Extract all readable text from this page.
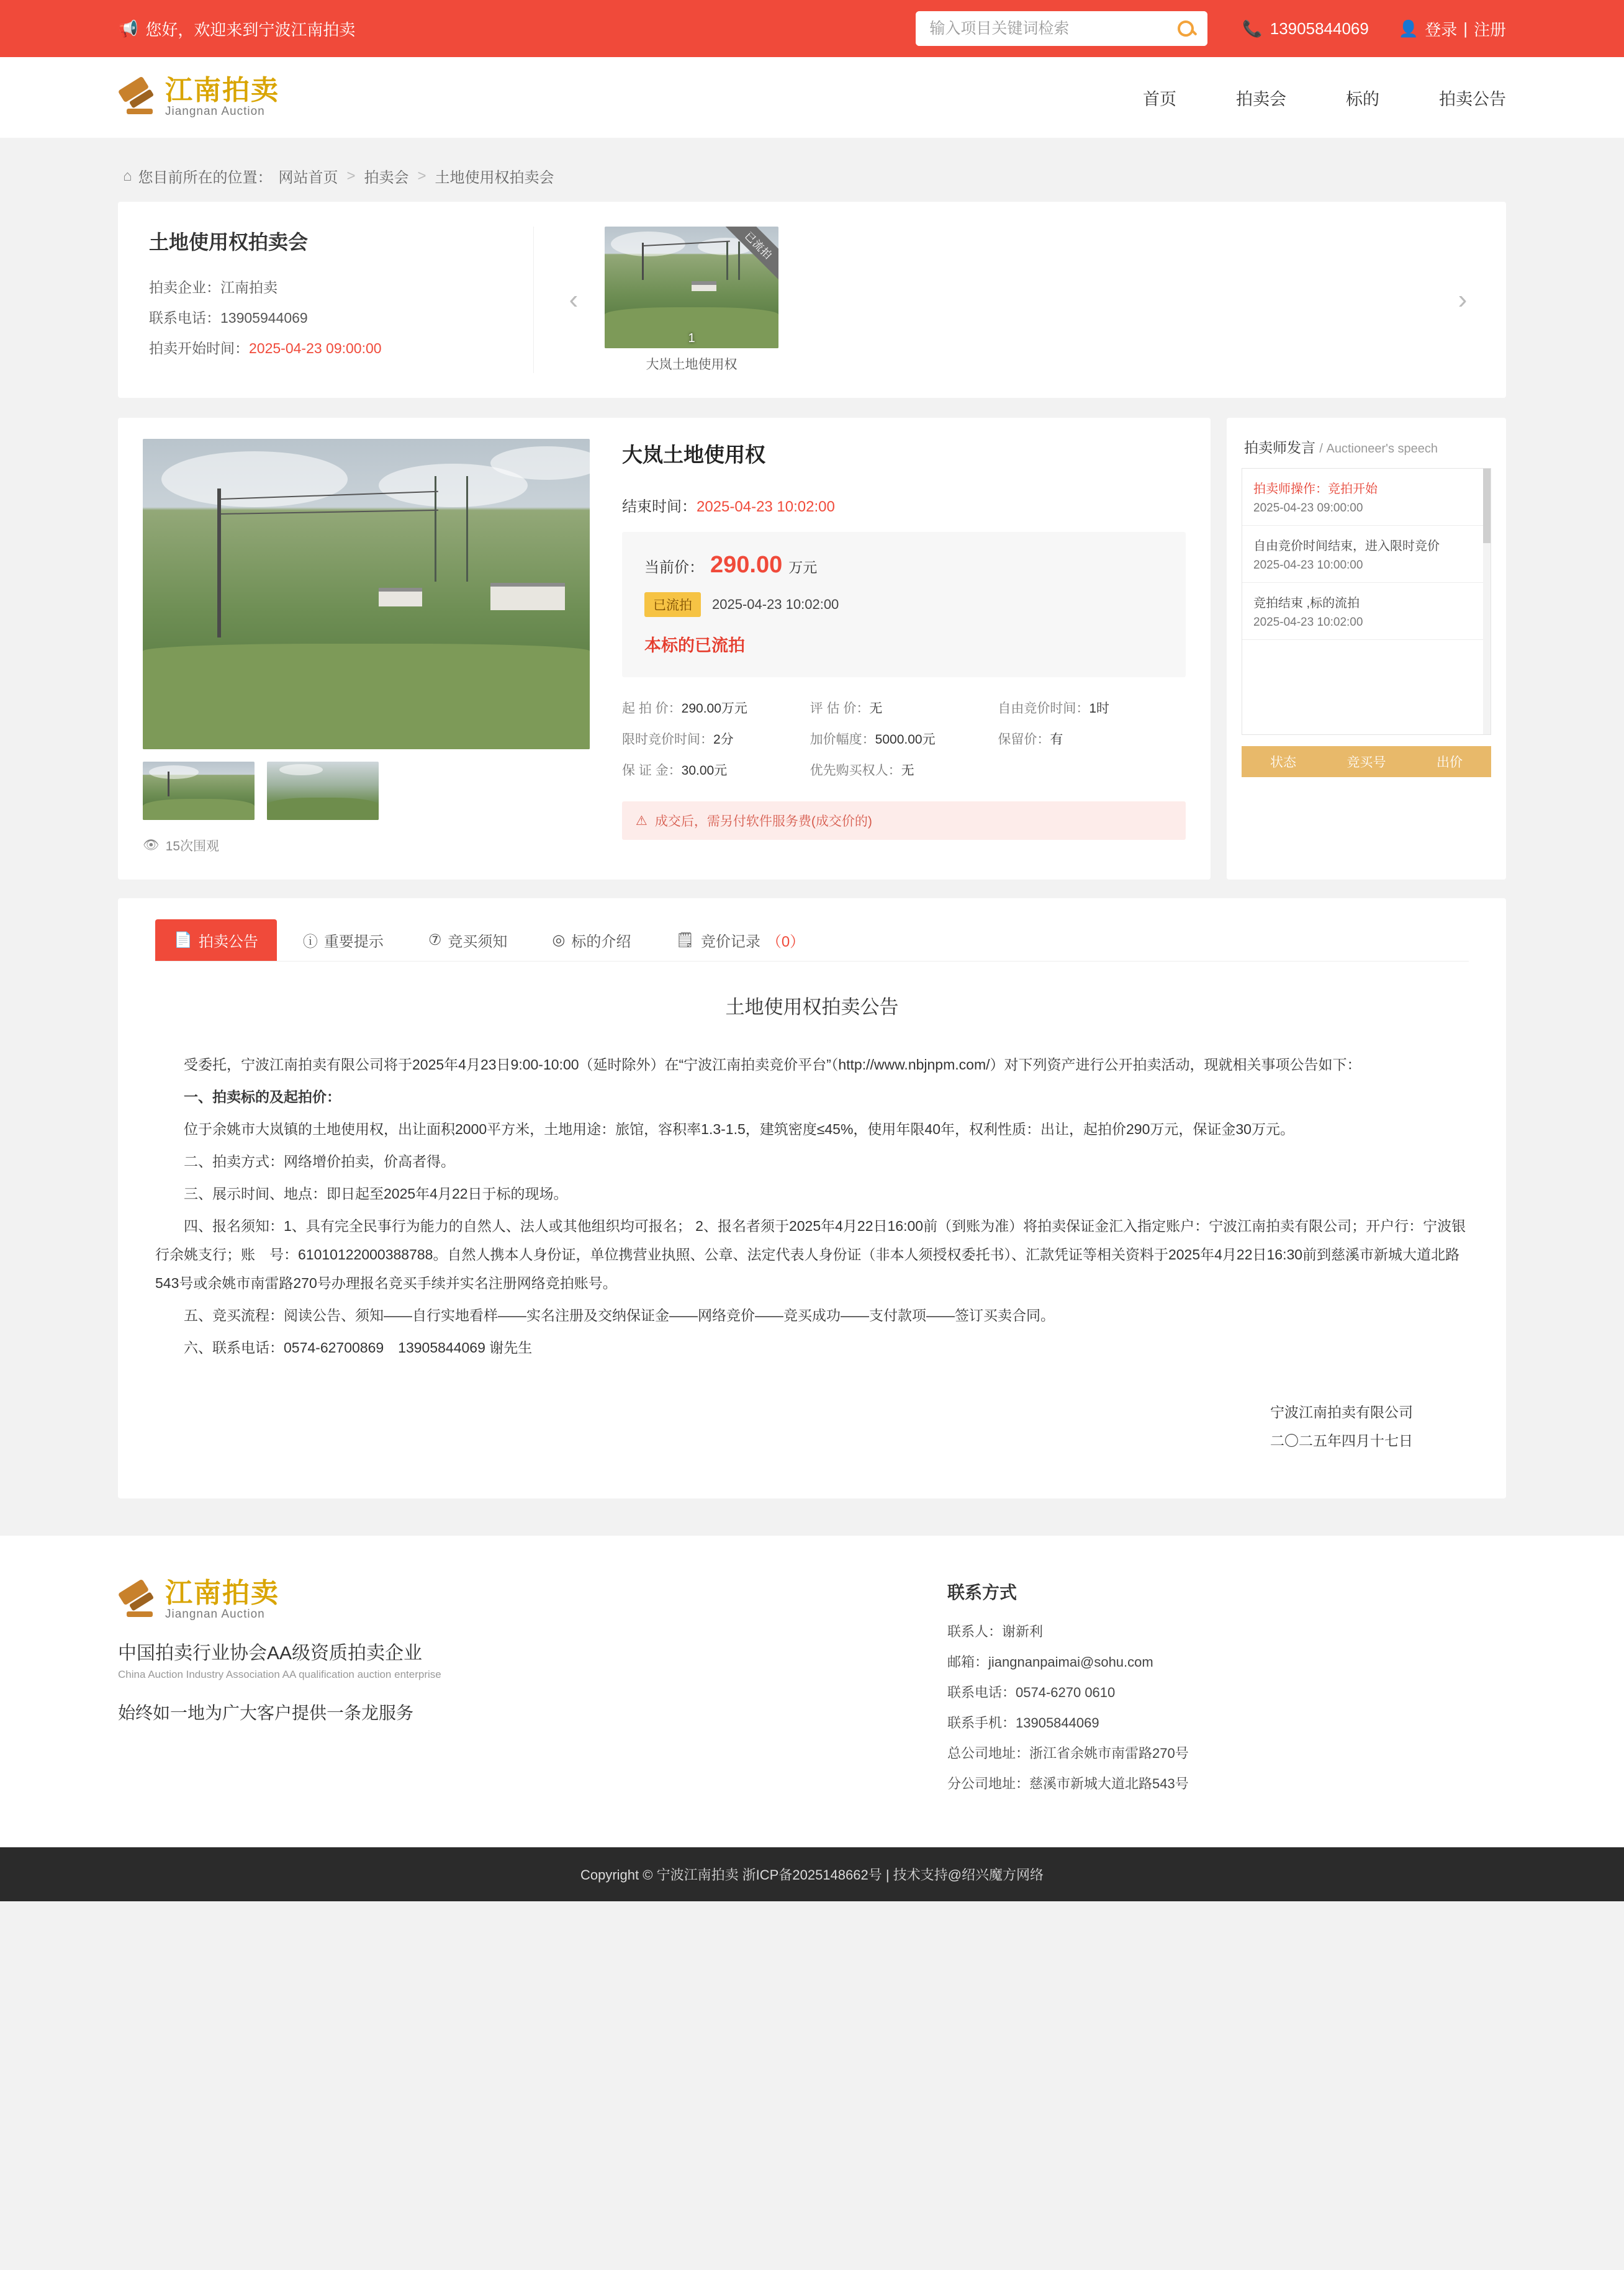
📢 您好，欢迎来到宁波江南拍卖
输入项目关键词检索	📞 13905844069 👤 登录 | 注册
江南拍卖
Jiangnan Auction
首页	拍卖会	标的	拍卖公告
⌂ 您目前所在的位置： 网站首页 > 拍卖会 > 土地使用权拍卖会
土地使用权拍卖会
拍卖企业：江南拍卖
联系电话：13905944069
拍卖开始时间：2025-04-23 09:00:00
‹
已流拍
1
大岚土地使用权
›
👁 15次围观
大岚土地使用权
结束时间：2025-04-23 10:02:00
当前价： 290.00 万元
已流拍	2025-04-23 10:02:00
本标的已流拍
起 拍 价：290.00万元	评 估 价：无	自由竞价时间：1时
限时竞价时间：2分	加价幅度：5000.00元	保留价：有
保 证 金：30.00元	优先购买权人：无
⚠ 成交后，需另付软件服务费(成交价的)
拍卖师发言 / Auctioneer's speech
拍卖师操作：竞拍开始
2025-04-23 09:00:00
自由竞价时间结束，进入限时竞价
2025-04-23 10:00:00
竞拍结束 ,标的流拍
2025-04-23 10:02:00
状态	竞买号	出价
📄 拍卖公告	ⓘ 重要提示	⑦ 竞买须知	◎ 标的介绍	🗒 竞价记录 （0）
土地使用权拍卖公告

受委托，宁波江南拍卖有限公司将于2025年4月23日9:00-10:00（延时除外）在“宁波江南拍卖竞价平台”（http://www.nbjnpm.com/）对下列资产进行公开拍卖活动，现就相关事项公告如下：

一、拍卖标的及起拍价：

位于余姚市大岚镇的土地使用权，出让面积2000平方米，土地用途：旅馆，容积率1.3-1.5，建筑密度≤45%，使用年限40年，权利性质：出让，起拍价290万元，保证金30万元。

二、拍卖方式：网络增价拍卖，价高者得。

三、展示时间、地点：即日起至2025年4月22日于标的现场。

四、报名须知：1、具有完全民事行为能力的自然人、法人或其他组织均可报名； 2、报名者须于2025年4月22日16:00前（到账为准）将拍卖保证金汇入指定账户：宁波江南拍卖有限公司；开户行：宁波银行余姚支行；账　号：61010122000388788。自然人携本人身份证，单位携营业执照、公章、法定代表人身份证（非本人须授权委托书）、汇款凭证等相关资料于2025年4月22日16:30前到慈溪市新城大道北路543号或余姚市南雷路270号办理报名竞买手续并实名注册网络竞拍账号。

五、竞买流程：阅读公告、须知——自行实地看样——实名注册及交纳保证金——网络竞价——竞买成功——支付款项——签订买卖合同。

六、联系电话：0574-62700869　13905844069 谢先生

宁波江南拍卖有限公司
二〇二五年四月十七日
江南拍卖
Jiangnan Auction
中国拍卖行业协会AA级资质拍卖企业
China Auction Industry Association AA qualification auction enterprise
始终如一地为广大客户提供一条龙服务
联系方式
联系人：谢新利
邮箱：jiangnanpaimai@sohu.com
联系电话：0574-6270 0610
联系手机：13905844069
总公司地址：浙江省余姚市南雷路270号
分公司地址：慈溪市新城大道北路543号
Copyright © 宁波江南拍卖 浙ICP备2025148662号 | 技术支持@绍兴魔方网络
